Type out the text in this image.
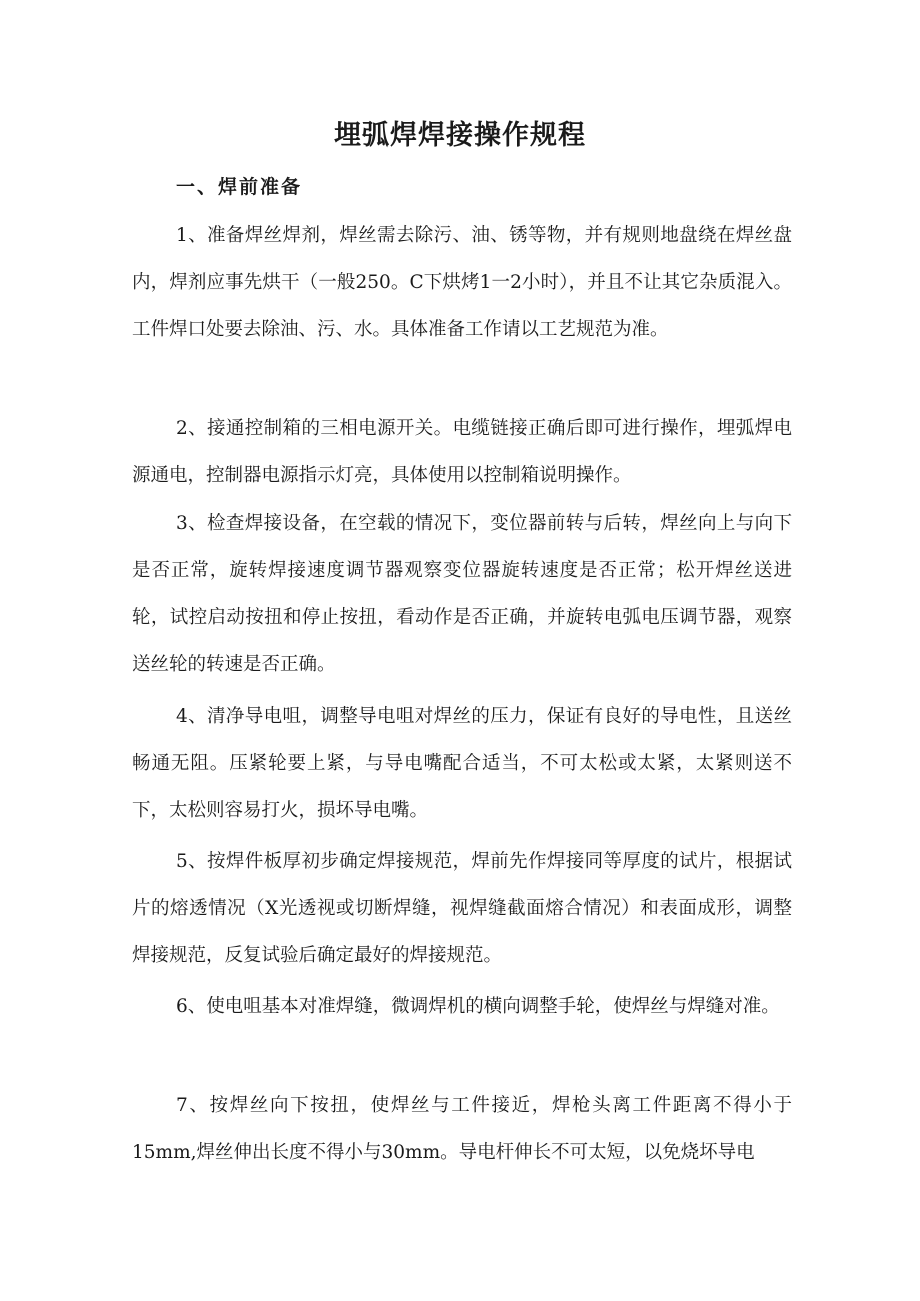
埋弧焊焊接操作规程
一、焊前准备

1、准备焊丝焊剂，焊丝需去除污、油、锈等物，并有规则地盘绕在焊丝盘内，焊剂应事先烘干（一般250。C下烘烤1一2小时），并且不让其它杂质混入。工件焊口处要去除油、污、水。具体准备工作请以工艺规范为准。

2、接通控制箱的三相电源开关。电缆链接正确后即可进行操作，埋弧焊电源通电，控制器电源指示灯亮，具体使用以控制箱说明操作。

3、检查焊接设备，在空载的情况下，变位器前转与后转，焊丝向上与向下是否正常，旋转焊接速度调节器观察变位器旋转速度是否正常；松开焊丝送进轮，试控启动按扭和停止按扭，看动作是否正确，并旋转电弧电压调节器，观察送丝轮的转速是否正确。

4、清净导电咀，调整导电咀对焊丝的压力，保证有良好的导电性，且送丝畅通无阻。压紧轮要上紧，与导电嘴配合适当，不可太松或太紧，太紧则送不下，太松则容易打火，损坏导电嘴。

5、按焊件板厚初步确定焊接规范，焊前先作焊接同等厚度的试片，根据试片的熔透情况（X光透视或切断焊缝，视焊缝截面熔合情况）和表面成形，调整焊接规范，反复试验后确定最好的焊接规范。

6、使电咀基本对准焊缝，微调焊机的横向调整手轮，使焊丝与焊缝对准。

7、按焊丝向下按扭，使焊丝与工件接近，焊枪头离工件距离不得小于15mm,焊丝伸出长度不得小与30mm。导电杆伸长不可太短，以免烧坏导电
